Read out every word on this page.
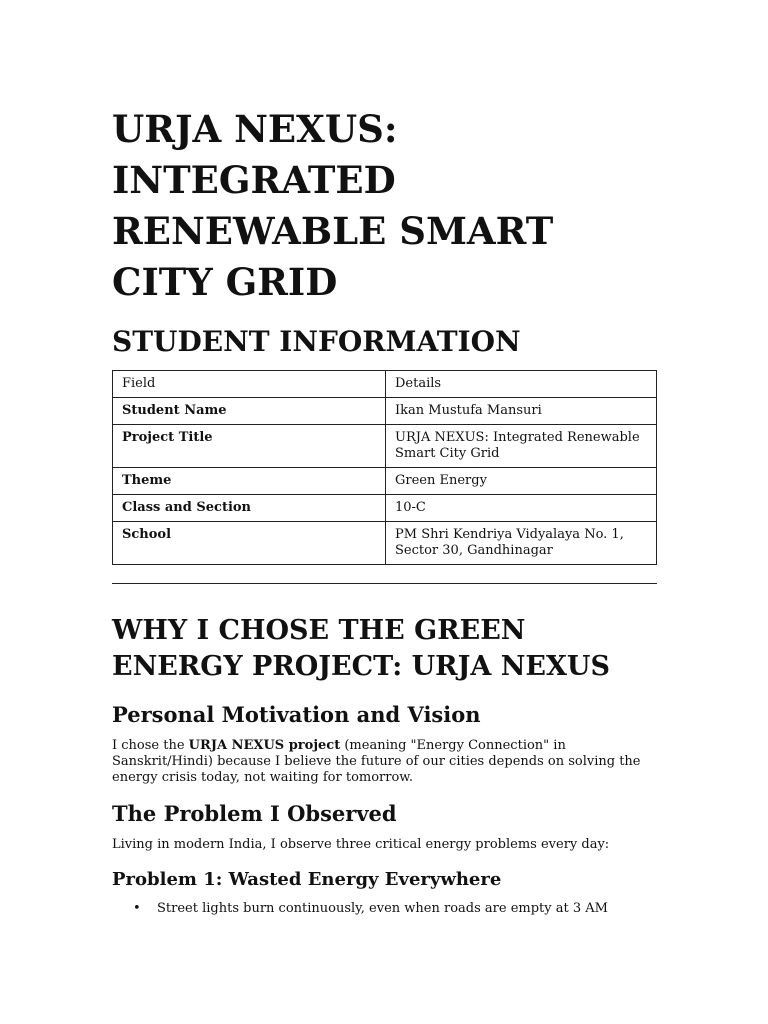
URJA NEXUS: INTEGRATED RENEWABLE SMART CITY GRID
STUDENT INFORMATION
Field	Details
Student Name	Ikan Mustufa Mansuri
Project Title	URJA NEXUS: Integrated Renewable Smart City Grid
Theme	Green Energy
Class and Section	10-C
School	PM Shri Kendriya Vidyalaya No. 1, Sector 30, Gandhinagar
WHY I CHOSE THE GREEN ENERGY PROJECT: URJA NEXUS
Personal Motivation and Vision

I chose the URJA NEXUS project (meaning "Energy Connection" in Sanskrit/Hindi) because I believe the future of our cities depends on solving the energy crisis today, not waiting for tomorrow.

The Problem I Observed

Living in modern India, I observe three critical energy problems every day:

Problem 1: Wasted Energy Everywhere
• Street lights burn continuously, even when roads are empty at 3 AM
